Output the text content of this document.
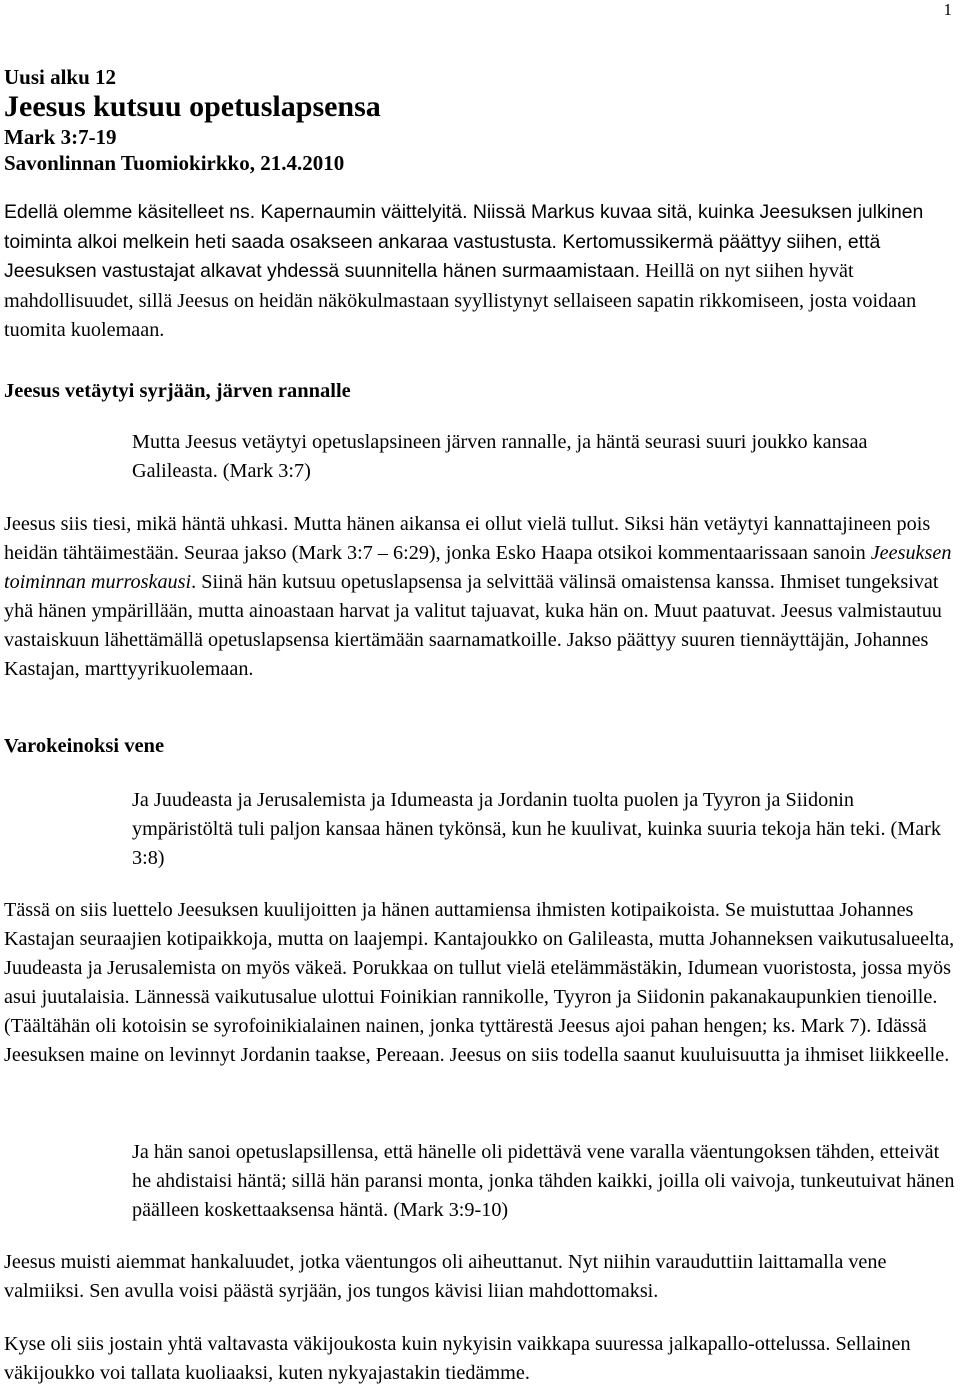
1
Uusi alku 12
Jeesus kutsuu opetuslapsensa
Mark 3:7-19
Savonlinnan Tuomiokirkko, 21.4.2010

Edellä olemme käsitelleet ns. Kapernaumin väittelyitä. Niissä Markus kuvaa sitä, kuinka Jeesuksen julkinen toiminta alkoi melkein heti saada osakseen ankaraa vastustusta. Kertomussikermä päättyy siihen, että Jeesuksen vastustajat alkavat yhdessä suunnitella hänen surmaamistaan. Heillä on nyt siihen hyvät mahdollisuudet, sillä Jeesus on heidän näkökulmastaan syyllistynyt sellaiseen sapatin rikkomiseen, josta voidaan tuomita kuolemaan.

Jeesus vetäytyi syrjään, järven rannalle

Mutta Jeesus vetäytyi opetuslapsineen järven rannalle, ja häntä seurasi suuri joukko kansaa Galileasta. (Mark 3:7)

Jeesus siis tiesi, mikä häntä uhkasi. Mutta hänen aikansa ei ollut vielä tullut. Siksi hän vetäytyi kannattajineen pois heidän tähtäimestään. Seuraa jakso (Mark 3:7 – 6:29), jonka Esko Haapa otsikoi kommentaarissaan sanoin Jeesuksen toiminnan murroskausi. Siinä hän kutsuu opetuslapsensa ja selvittää välinsä omaistensa kanssa. Ihmiset tungeksivat yhä hänen ympärillään, mutta ainoastaan harvat ja valitut tajuavat, kuka hän on. Muut paatuvat. Jeesus valmistautuu vastaiskuun lähettämällä opetuslapsensa kiertämään saarnamatkoille. Jakso päättyy suuren tiennäyttäjän, Johannes Kastajan, marttyyrikuolemaan.

Varokeinoksi vene

Ja Juudeasta ja Jerusalemista ja Idumeasta ja Jordanin tuolta puolen ja Tyyron ja Siidonin ympäristöltä tuli paljon kansaa hänen tykönsä, kun he kuulivat, kuinka suuria tekoja hän teki. (Mark 3:8)

Tässä on siis luettelo Jeesuksen kuulijoitten ja hänen auttamiensa ihmisten kotipaikoista. Se muistuttaa Johannes Kastajan seuraajien kotipaikkoja, mutta on laajempi. Kantajoukko on Galileasta, mutta Johanneksen vaikutusalueelta, Juudeasta ja Jerusalemista on myös väkeä. Porukkaa on tullut vielä etelämmästäkin, Idumean vuoristosta, jossa myös asui juutalaisia. Lännessä vaikutusalue ulottui Foinikian rannikolle, Tyyron ja Siidonin pakanakaupunkien tienoille. (Täältähän oli kotoisin se syrofoinikialainen nainen, jonka tyttärestä Jeesus ajoi pahan hengen; ks. Mark 7). Idässä Jeesuksen maine on levinnyt Jordanin taakse, Pereaan. Jeesus on siis todella saanut kuuluisuutta ja ihmiset liikkeelle.

Ja hän sanoi opetuslapsillensa, että hänelle oli pidettävä vene varalla väentungoksen tähden, etteivät he ahdistaisi häntä; sillä hän paransi monta, jonka tähden kaikki, joilla oli vaivoja, tunkeutuivat hänen päälleen koskettaaksensa häntä. (Mark 3:9-10)

Jeesus muisti aiemmat hankaluudet, jotka väentungos oli aiheuttanut. Nyt niihin varauduttiin laittamalla vene valmiiksi. Sen avulla voisi päästä syrjään, jos tungos kävisi liian mahdottomaksi.

Kyse oli siis jostain yhtä valtavasta väkijoukosta kuin nykyisin vaikkapa suuressa jalkapallo-ottelussa. Sellainen väkijoukko voi tallata kuoliaaksi, kuten nykyajastakin tiedämme.
